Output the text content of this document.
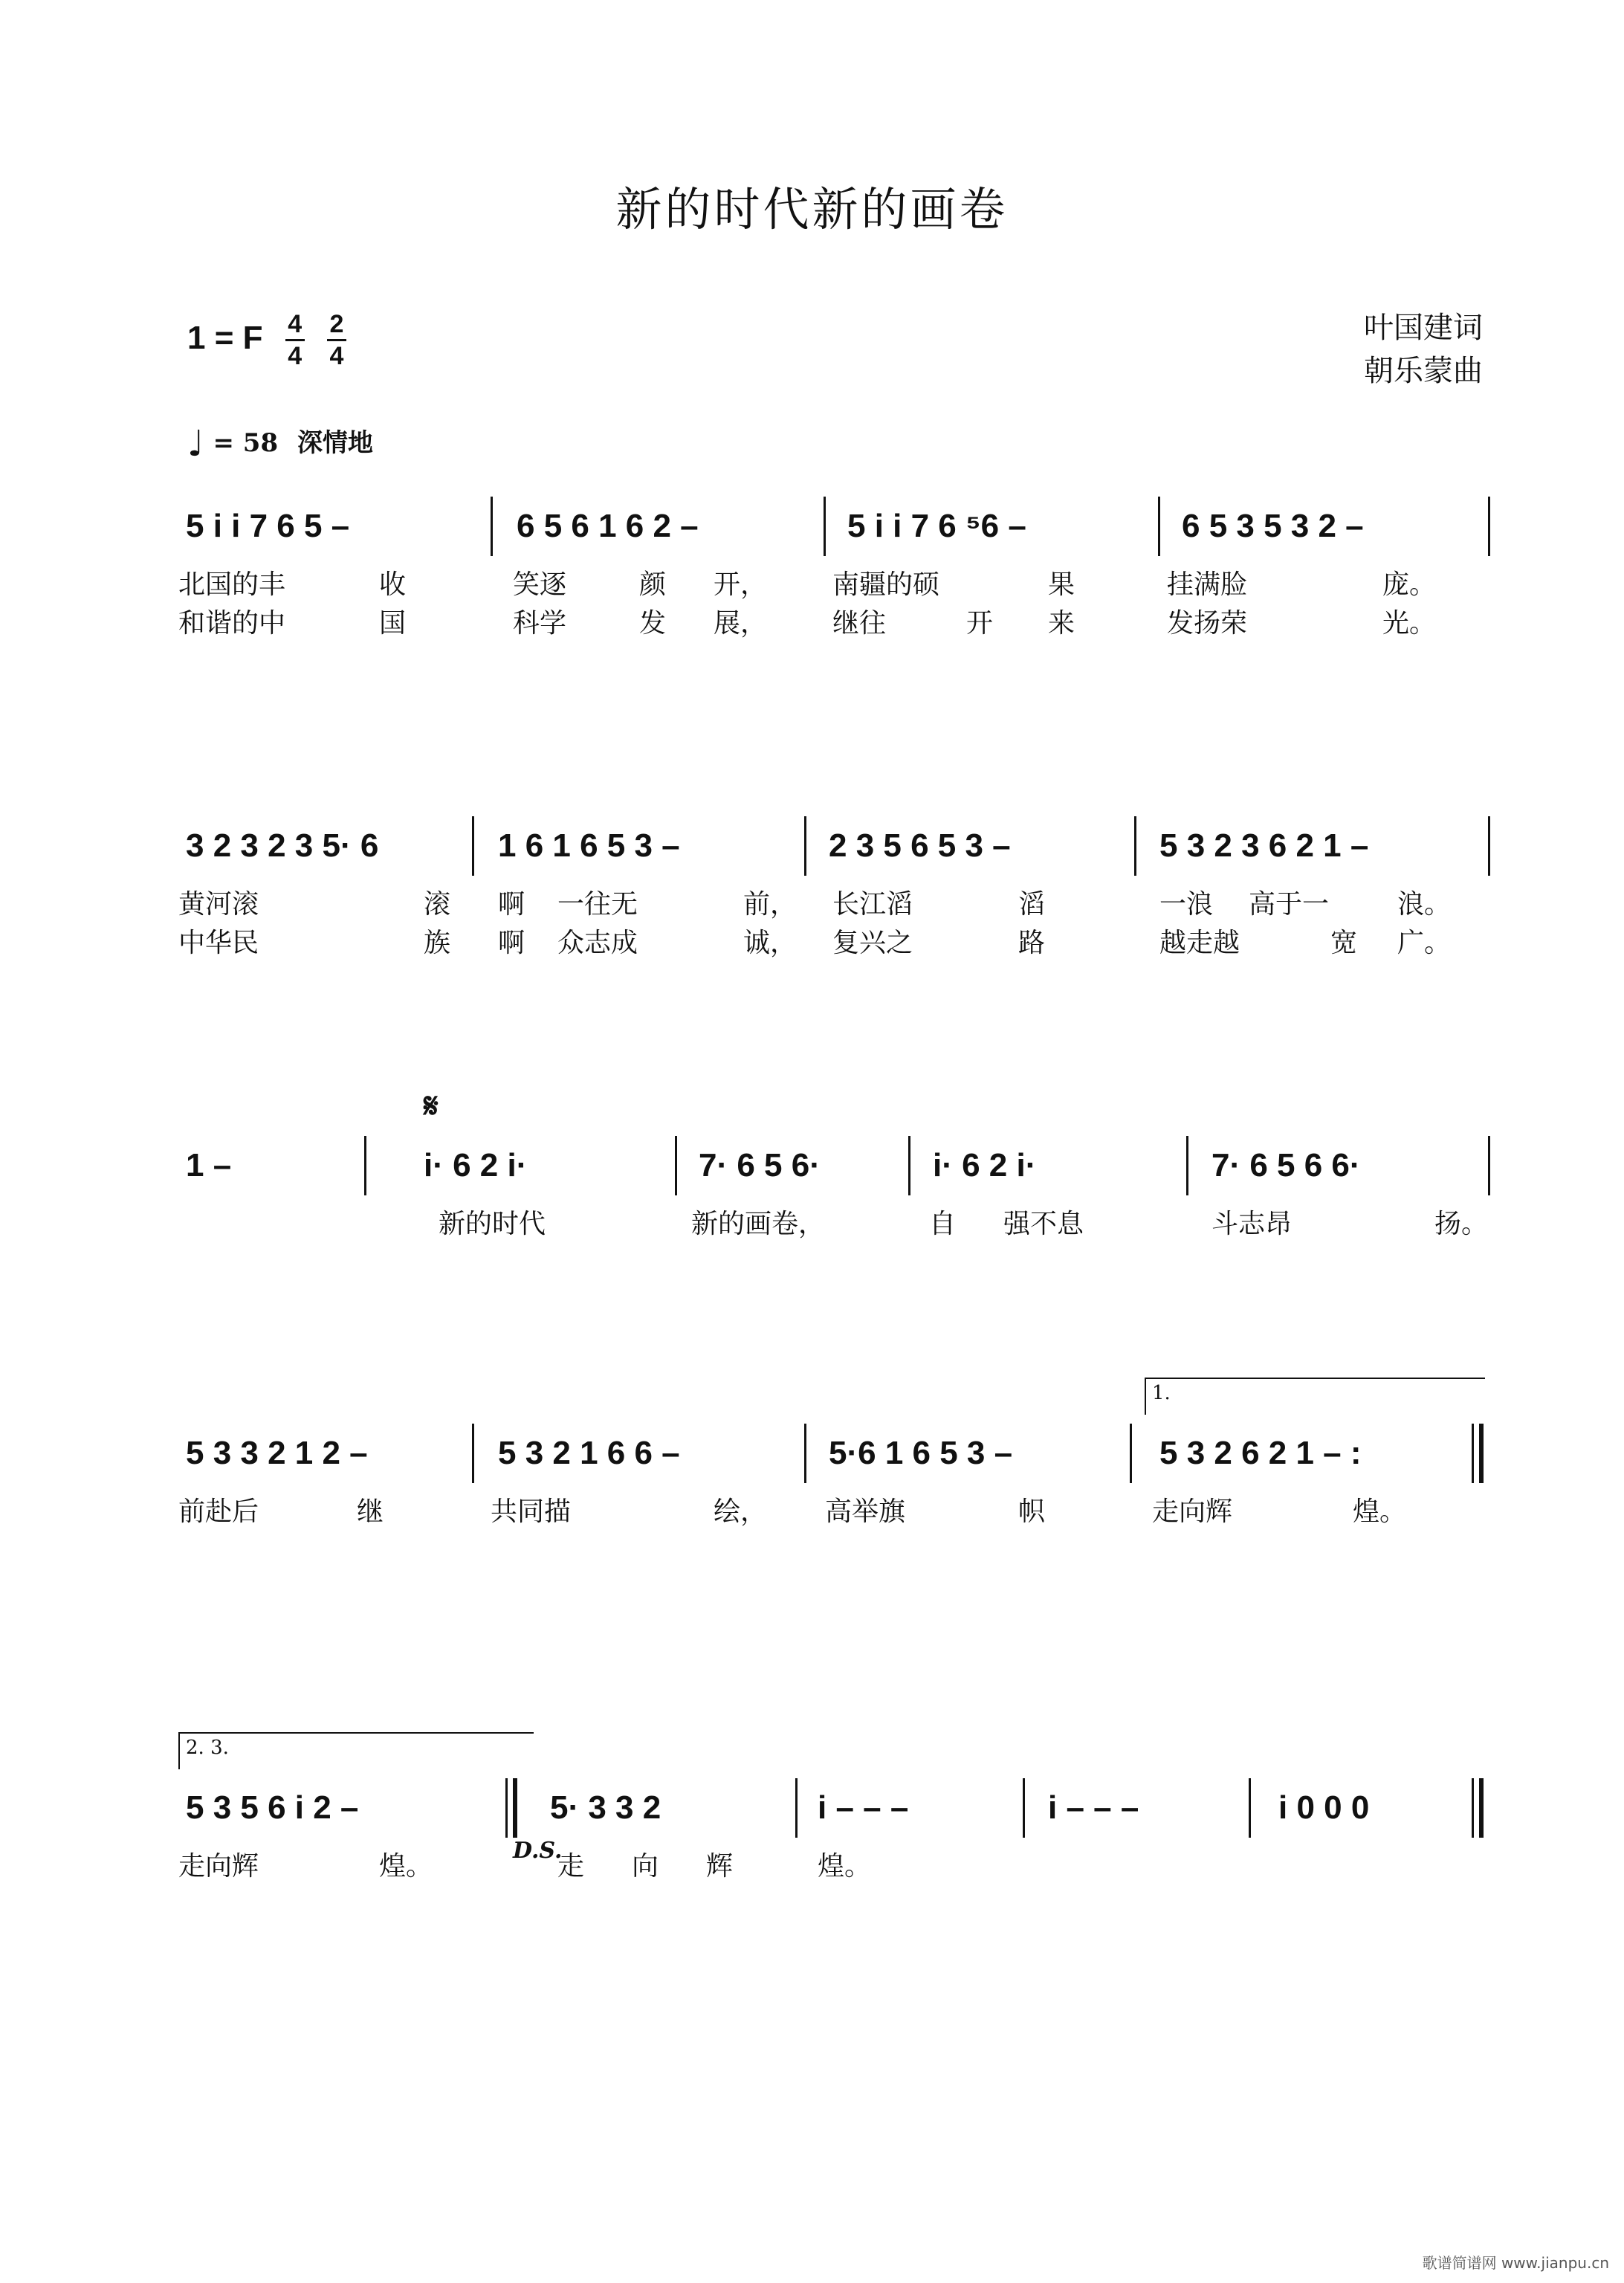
新的时代新的画卷
叶国建词
朝乐蒙曲
1 = F $\frac{4}{4}$
$\frac{2}{4}$
♩ = 58 深情地
5 i i 7 6 5 –	6 5 6 1 6 2 –	5 i i 7 6 ⁵6 –	6 5 3 5 3 2 –
北国的丰	收	笑逐	颜 开， 南疆的硕	果	挂满脸	庞。
和谐的中	国	科学	发 展， 继往	开 来	发扬荣	光。
3 2 3 2 3 5· 6	1 6 1 6 5 3 –	2 3 5 6 5 3 –	5 3 2 3 6 2 1 –
黄河滚	滚 啊 一往无	前， 长江滔	滔	一浪 高于一	浪。
中华民	族 啊 众志成	诚， 复兴之	路	越走越	宽 广。
𝄋
1 –	i· 6 2 i·	7· 6 5 6·	i· 6 2 i·	7· 6 5 6 6·
新的时代	新的画卷，	自 强不息	斗志昂	扬。
1.
5 3 3 2 1 2 –	5 3 2 1 6 6 –	5·6 1 6 5 3 –	5 3 2 6 2 1 – :
前赴后	继	共同描	绘， 高举旗	帜	走向辉	煌。
2. 3.
5 3 5 6 i 2 –	5· 3 3 2	i – – –	i – – –	i 0 0 0
D.S.
走向辉	煌。	走 向 辉	煌。
歌谱简谱网 www.jianpu.cn
